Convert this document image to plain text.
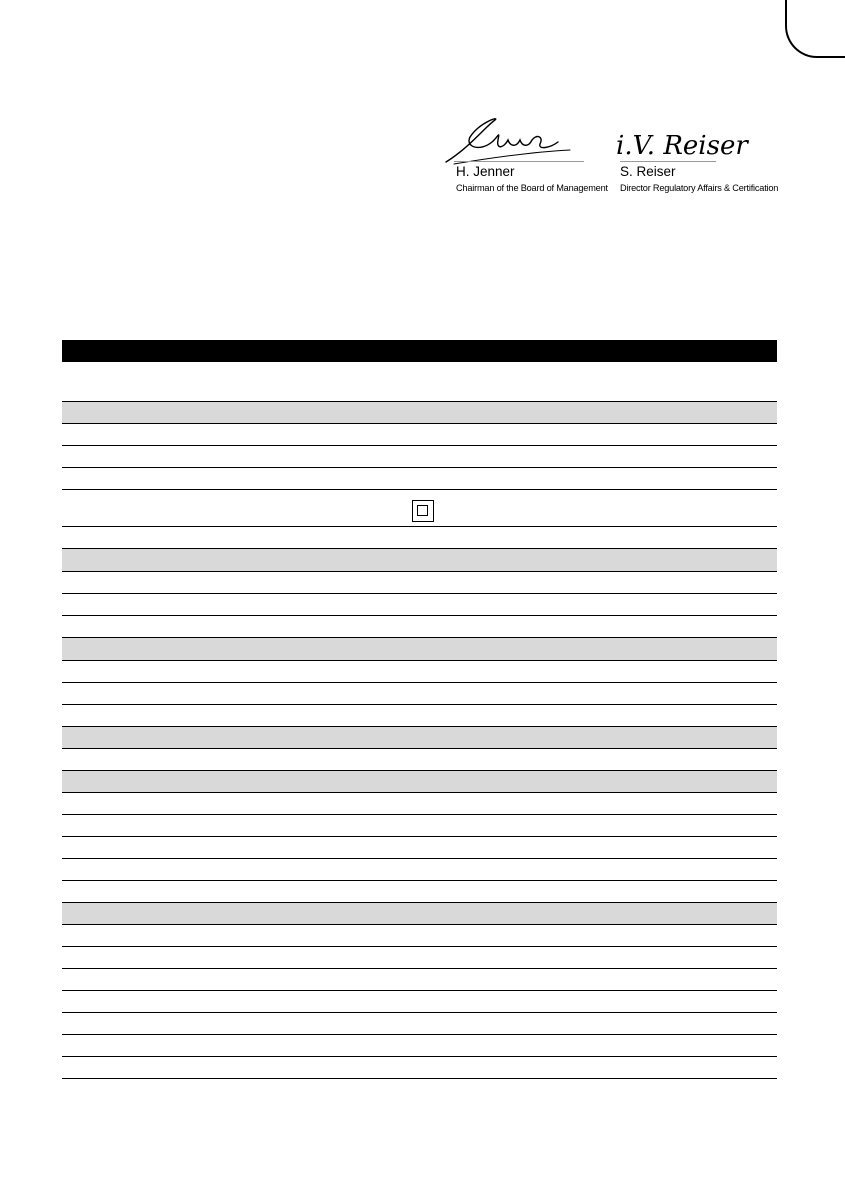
H. Jenner
Chairman of the Board of Management
i.V. Reiser
S. Reiser
Director Regulatory Affairs & Certification
